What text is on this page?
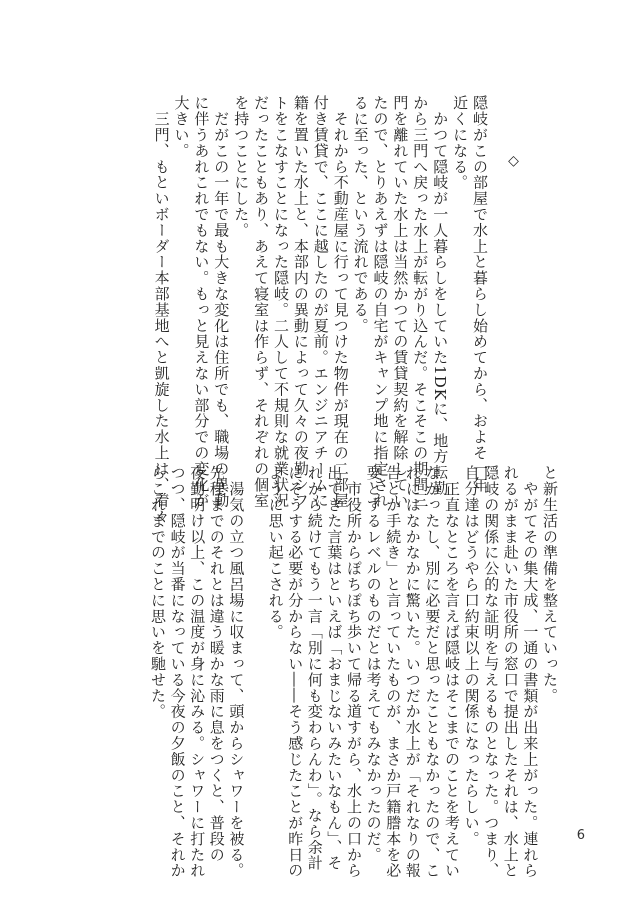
◇
隠岐がこの部屋で水上と暮らし始めてから、およそ一年
近くになる。
　かつて隠岐が一人暮らしをしていた1DKに、地方転勤
から三門へ戻った水上が転がり込んだ。そこそこの期間三
門を離れていた水上は当然かつての賃貸契約を解除してい
たので、とりあえずは隠岐の自宅がキャンプ地に指定され
るに至った、という流れである。
　それから不動産屋に行って見つけた物件が現在の二部屋
付き賃貸で、ここに越したのが夏前。エンジニアチームに
籍を置いた水上と、本部内の異動によって久々の夜勤シフ
トをこなすことになった隠岐。二人して不規則な就業状況
だったこともあり、あえて寝室は作らず、それぞれの個室
を持つことにした。
　だがこの一年で最も大きな変化は住所でも、職場の異動
に伴うあれこれでもない。もっと見えない部分での変化が
大きい。
　三門、もといボーダー本部基地へと凱旋した水上は、着々
と新生活の準備を整えていった。
　やがてその集大成、一通の書類が出来上がった。連れら
れるがまま赴いた市役所の窓口で提出したそれは、水上と
隠岐の関係に公的な証明を与えるものとなった。つまり、
自分達はどうやら口約束以上の関係になったらしい。
　正直なところを言えば隠岐はそこまでのことを考えてい
なかったし、別に必要だと思ったこともなかったので、こ
れにはなかなかに驚いた。いつだか水上が「それなりの報
告とか手続き」と言っていたものが、まさか戸籍謄本を必
要とするレベルのものだとは考えてもみなかったのだ。
　市役所からぽちぽち歩いて帰る道すがら、水上の口から
出てきた言葉はといえば「おまじないみたいなもん」、そ
れから続けてもう一言「別に何も変わらんわ」。なら余計
にそうする必要が分からない――そう感じたことが昨日の
ように思い起こされる。
　湯気の立つ風呂場に収まって、頭からシャワーを被る。
先程までのそれとは違う暖かな雨に息をつくと、普段の
夜勤明け以上、この温度が身に沁みる。シャワーに打たれ
つつ、隠岐が当番になっている今夜の夕飯のこと、それか
らこれまでのことに思いを馳せた。
6
